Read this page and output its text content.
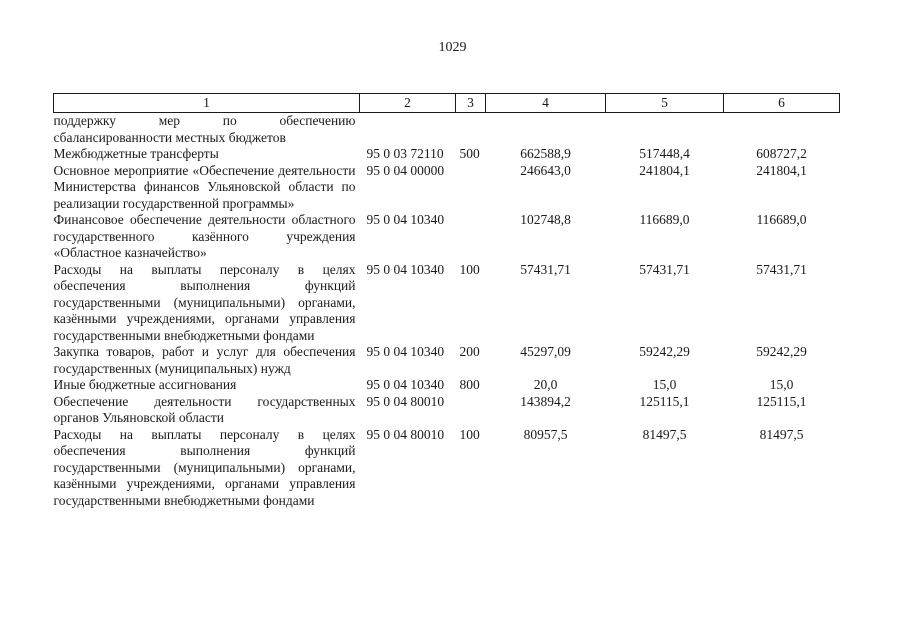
1029
1	2	3	4	5	6
поддержку мер по обеспечению сбалансированности местных бюджетов					
Межбюджетные трансферты	95 0 03 72110	500	662588,9	517448,4	608727,2
Основное мероприятие «Обеспечение деятельности Министерства финансов Ульяновской области по реализации государственной программы»	95 0 04 00000		246643,0	241804,1	241804,1
Финансовое обеспечение деятельности областного государственного казённого учреждения «Областное казначейство»	95 0 04 10340		102748,8	116689,0	116689,0
Расходы на выплаты персоналу в целях обеспечения выполнения функций государственными (муниципальными) органами, казёнными учреждениями, органами управления государственными внебюджетными фондами	95 0 04 10340	100	57431,71	57431,71	57431,71
Закупка товаров, работ и услуг для обеспечения государственных (муниципальных) нужд	95 0 04 10340	200	45297,09	59242,29	59242,29
Иные бюджетные ассигнования	95 0 04 10340	800	20,0	15,0	15,0
Обеспечение деятельности государственных органов Ульяновской области	95 0 04 80010		143894,2	125115,1	125115,1
Расходы на выплаты персоналу в целях обеспечения выполнения функций государственными (муниципальными) органами, казёнными учреждениями, органами управления государственными внебюджетными фондами	95 0 04 80010	100	80957,5	81497,5	81497,5
